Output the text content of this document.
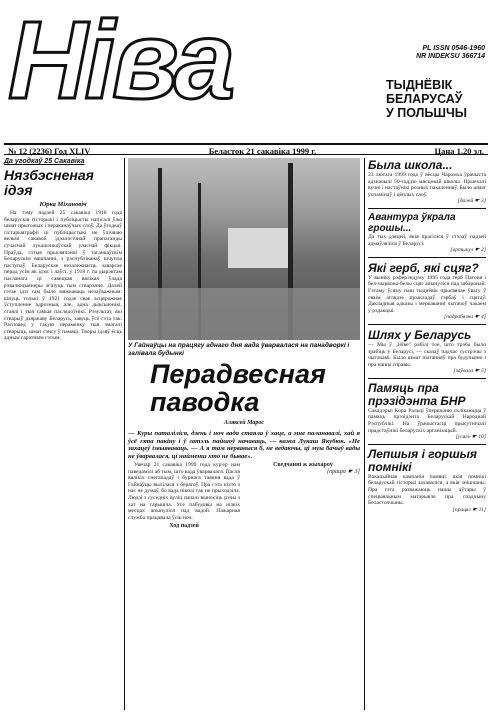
Ніва	PL ISSN 0546-1960
NR INDEKSU 366714
ТЫДНЁВІК
БЕЛАРУСАЎ
У ПОЛЬШЧЫ
№ 12 (2236) Год XLIV	Беласток 21 сакавіка 1999 г.	Цана 1,20 зл.
Да угодкаў 25 Сакавіка
Нязбэсненая ідэя
Юрка Міхановіч

На тэму падзей 25 сакавіка 1918 года беларускія гісторыкі і публіцысты напісалі ўжо шмат прыгожых і пераканаўчых слоў. Да ўгодкаў гістарыяграфіі ці публіцыстыкі не ўлічваю вельмі сакавой ідэалогічнай прапаганды сучаснай лукашэнкаўскай уласнай фікцыі. Праўда, гэтыя прысвячэнні ў таганкаўскім Беларускім вяшчанні, з рэспубліканаў шчупла паступаў. Беларускае незалежнасць заварсае перад усім як ідэя: і лаўсі, у 1918 г. па дырэктам пасланага ці савецкая вялікая ўлада рэвалюцыянеры згінуць тым стварэнне. Далей гэтае ідэі там было мяжкаваць незаўважным: кінуць толькі ў 1921 годзе свае асцярожнае ўступленне адрозныя, але, адна дыксыюнікі, стаялі і тыя самыя паслядоўнікі. Рэзультат, які стварыў дзяржаву Беларусь, завуць ўсё гэта так. Расповед у такую пераменку тыя змагалі стварыць, шмат сэнсу ў памяці. Творы ідэяў ёсць адным гаратным гэтым.

У Гайнаўцы на працягу аднаго дня вада ўварвалася на панадворкі і залівала будынкі
Перадвесная паводка
Аляксей Марос
— Куры паталіліся, дзень і ноч вада стаяла ў хаце, а мне паланавалі, хай я ўсё гэта пакіну і ў гатэль пайшоў начаваць, — кажа Лукаш Якубюк. «Не захацеў ізвыяваваць. — А я там нервавыся б, не ведаючы, ці муы бачыў вады не ўварвалася, ці найменш хто не бывае».

Увечар 21 сакавіка 1999 года кур'ер нам паведамілі аб тым, што вада ўварвалася. Пасля вялікіх снегападаў і бурнага таяння вада ў Гайнаўцы вылілася з берагоў. Пра гэта ніхто з нас не думаў, бо вада ніколі так не прыходзіла. Людзі з суседніх вуліц пачалі выносіць рэчы з хат на гарышча. Усе пабудовы на нізкіх месцах апынуліся пад вадой. Пажарная служба працавала ўсю ноч.

Ход падзей
Сведчанні ж жыхароў
[працяг ☛ 3]
Была школа...
23 лютага 1999 года ў вёсцы Чаромха ўрачыста адзначылі 50-годдзе мясцовай школы. Прыехалі вучні і настаўнікі розных пакаленняў. Было шмат успамінаў і цёплых слоў.
[далей ☛ 3]
Авантура ўкрала грошы...
Да тых дзяцей, якія прасіліся ў стэлаў падзей адмаўляліся ў Беларусі.
[артыкул ☛ 2]
Які герб, які сцяг?
У выніку рэферэндуму 1995 года герб Пагоня і бел-чырвона-белы сцяг апынуліся пад забаронай. Гэтаму ўсяму наш тыднёвік прысвячае ўвагу ў сваім аглядзе прыкладаў гэрбаў і сцягаў. Дакладныя адказы і меркаванні чытачоў чакаем у рэдакцыі.
[падрабязна ☛ 4]
Шлях у Беларусь
— Мы ў „Ніве" рабілі тое, што трэба было зрабіць у Беларусі, — сказаў падчас сустрэчы з чытачамі. Было шмат пытанняў пра будучыню і пра нашы справы.
[заўвага ☛ 5]
Памяць пра прэзідэнта БНР
Сакадэрыі Кора Ральці ўпершыню склікаюцца ў памяць прэзідэнта Беларускай Народнай Рэспублікі. На ўрачыстасці прысутнічалі прадстаўнікі беларускіх арганізацый.
[усяго ☛ 10]
Лепшыя і горшыя помнікі
Вакацыйная кампанія памяці: якія помнікі беларускай гісторыі захаваліся, а якія знішчаны. Пра гэта разважаюць нашы аўтары ў спецыяльным матэрыяле пра спадчыну Беласточчыны.
[працяг ☛ 11]
